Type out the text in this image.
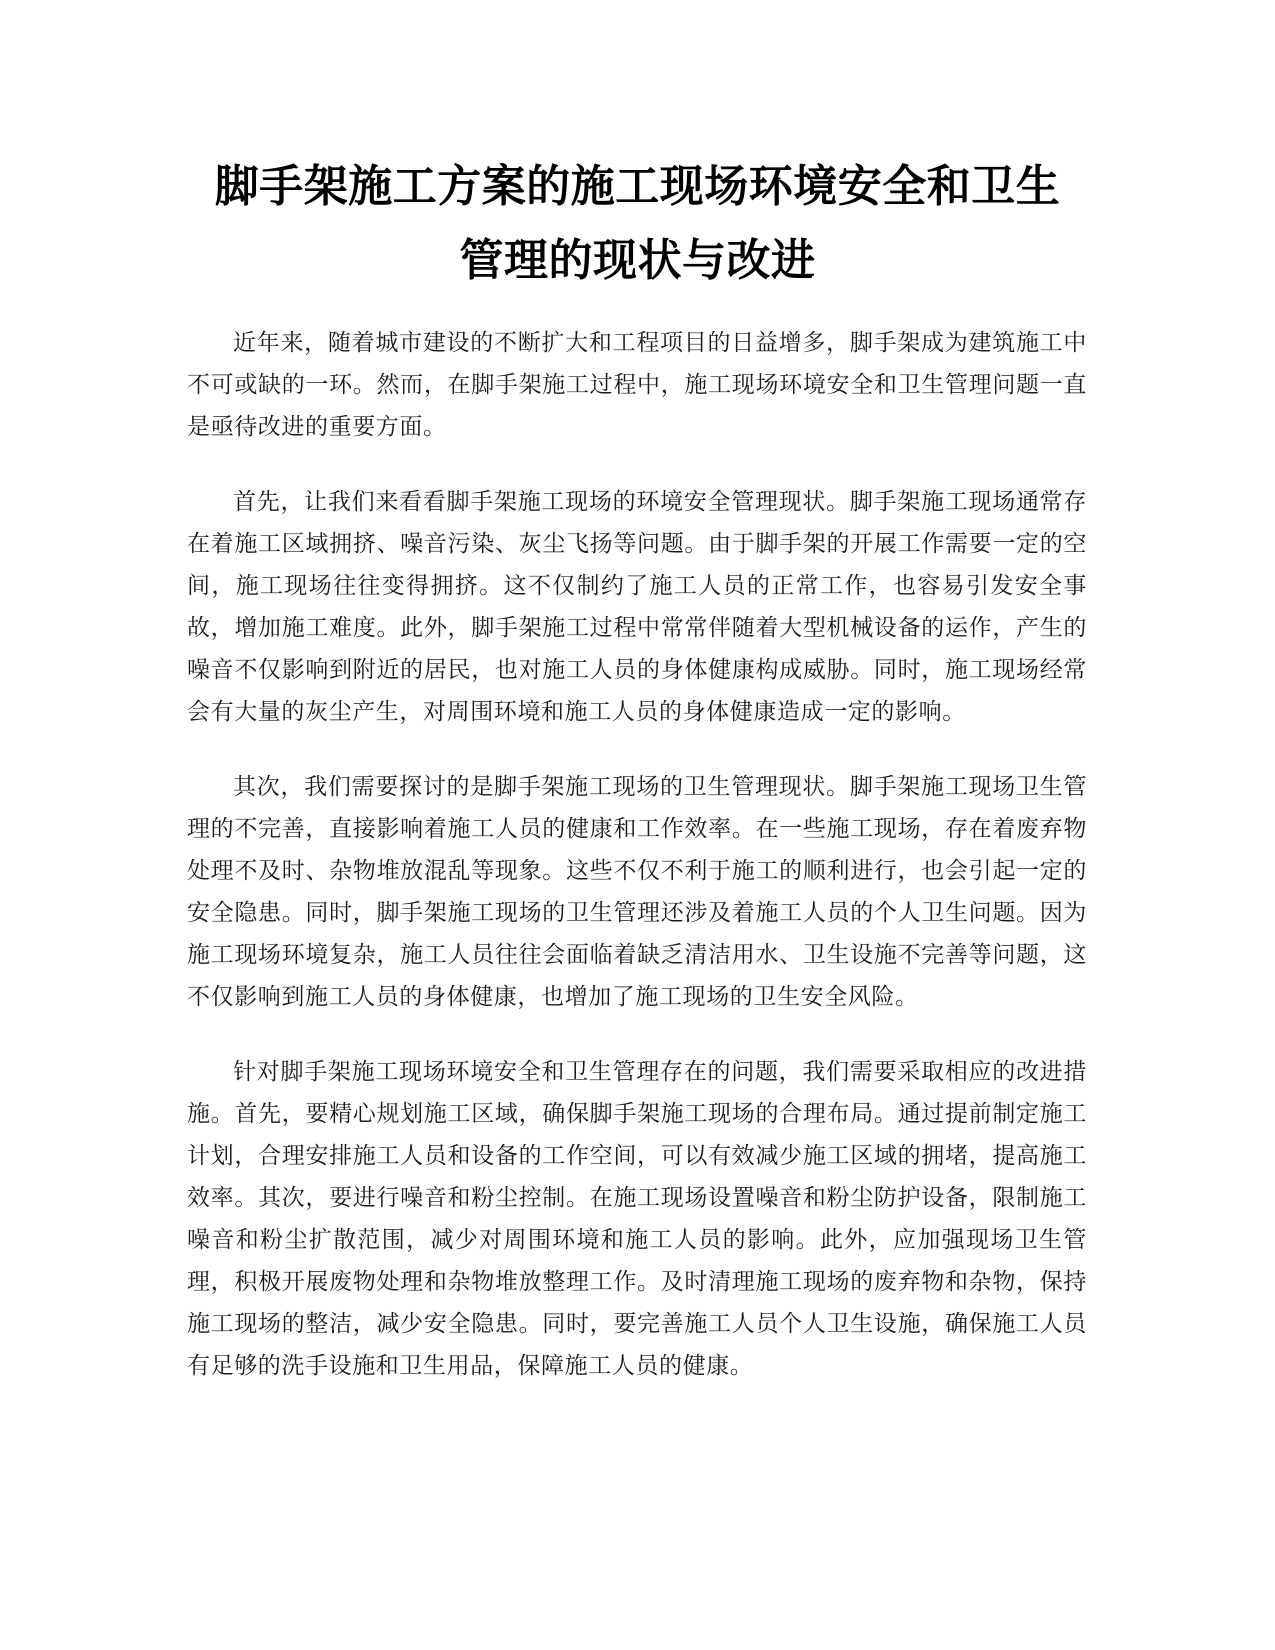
脚手架施工方案的施工现场环境安全和卫生
管理的现状与改进

近年来，随着城市建设的不断扩大和工程项目的日益增多，脚手架成为建筑施工中不可或缺的一环。然而，在脚手架施工过程中，施工现场环境安全和卫生管理问题一直是亟待改进的重要方面。

首先，让我们来看看脚手架施工现场的环境安全管理现状。脚手架施工现场通常存在着施工区域拥挤、噪音污染、灰尘飞扬等问题。由于脚手架的开展工作需要一定的空间，施工现场往往变得拥挤。这不仅制约了施工人员的正常工作，也容易引发安全事故，增加施工难度。此外，脚手架施工过程中常常伴随着大型机械设备的运作，产生的噪音不仅影响到附近的居民，也对施工人员的身体健康构成威胁。同时，施工现场经常会有大量的灰尘产生，对周围环境和施工人员的身体健康造成一定的影响。

其次，我们需要探讨的是脚手架施工现场的卫生管理现状。脚手架施工现场卫生管理的不完善，直接影响着施工人员的健康和工作效率。在一些施工现场，存在着废弃物处理不及时、杂物堆放混乱等现象。这些不仅不利于施工的顺利进行，也会引起一定的安全隐患。同时，脚手架施工现场的卫生管理还涉及着施工人员的个人卫生问题。因为施工现场环境复杂，施工人员往往会面临着缺乏清洁用水、卫生设施不完善等问题，这不仅影响到施工人员的身体健康，也增加了施工现场的卫生安全风险。

针对脚手架施工现场环境安全和卫生管理存在的问题，我们需要采取相应的改进措施。首先，要精心规划施工区域，确保脚手架施工现场的合理布局。通过提前制定施工计划，合理安排施工人员和设备的工作空间，可以有效减少施工区域的拥堵，提高施工效率。其次，要进行噪音和粉尘控制。在施工现场设置噪音和粉尘防护设备，限制施工噪音和粉尘扩散范围，减少对周围环境和施工人员的影响。此外，应加强现场卫生管理，积极开展废物处理和杂物堆放整理工作。及时清理施工现场的废弃物和杂物，保持施工现场的整洁，减少安全隐患。同时，要完善施工人员个人卫生设施，确保施工人员有足够的洗手设施和卫生用品，保障施工人员的健康。
